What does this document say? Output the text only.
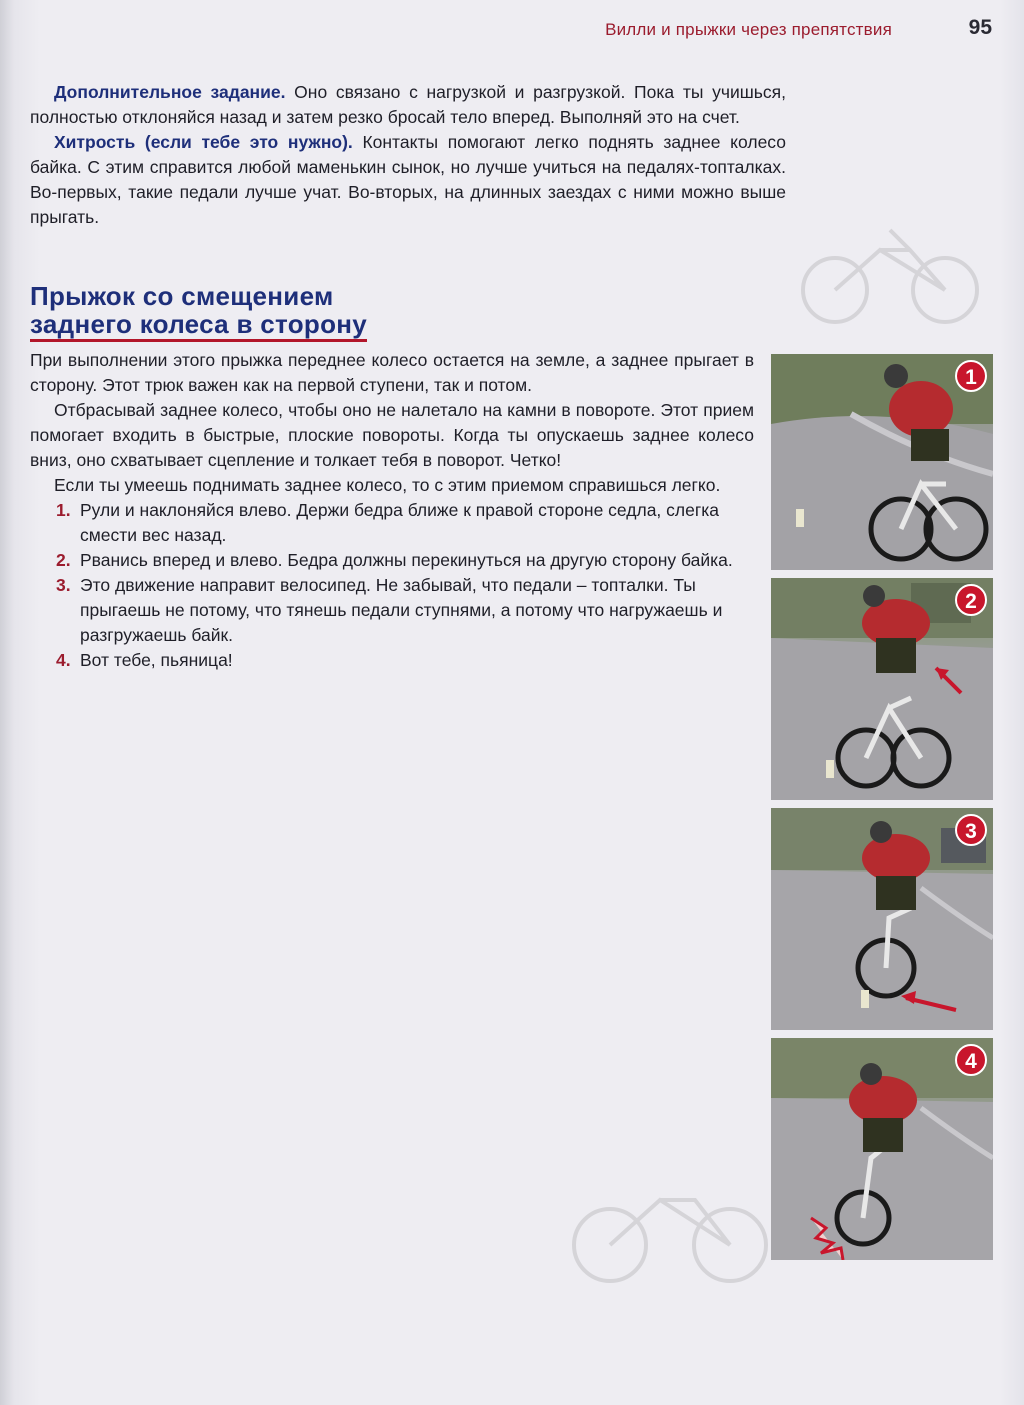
Вилли и прыжки через препятствия	95

Дополнительное задание. Оно связано с нагрузкой и разгрузкой. Пока ты учишься, полностью отклоняйся назад и затем резко бросай тело вперед. Выполняй это на счет.

Хитрость (если тебе это нужно). Контакты помогают легко поднять заднее колесо байка. С этим справится любой маменькин сынок, но лучше учиться на педалях-топталках. Во-первых, такие педали лучше учат. Во-вторых, на длинных заездах с ними можно выше прыгать.

Прыжок со смещением
заднего колеса в сторону

При выполнении этого прыжка переднее колесо остается на земле, а заднее прыгает в сторону. Этот трюк важен как на первой ступени, так и потом.

Отбрасывай заднее колесо, чтобы оно не налетало на камни в повороте. Этот прием помогает входить в быстрые, плоские повороты. Когда ты опускаешь заднее колесо вниз, оно схватывает сцепление и толкает тебя в поворот. Четко!

Если ты умеешь поднимать заднее колесо, то с этим приемом справишься легко.

1. Рули и наклоняйся влево. Держи бедра ближе к правой стороне седла, слегка смести вес назад.
2. Рванись вперед и влево. Бедра должны перекинуться на другую сторону байка.
3. Это движение направит велосипед. Не забывай, что педали – топталки. Ты прыгаешь не потому, что тянешь педали ступнями, а потому что нагружаешь и разгружаешь байк.
4. Вот тебе, пьяница!
1
2
3
4
